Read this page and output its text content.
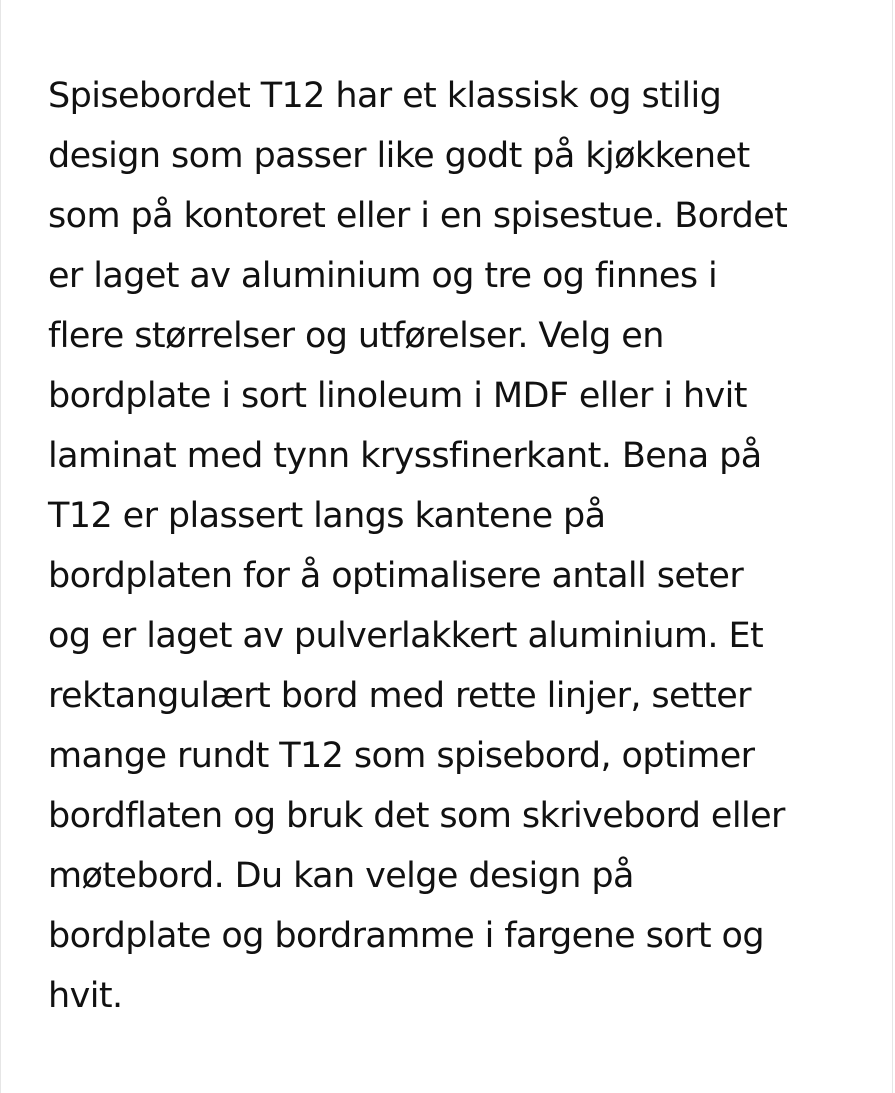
Spisebordet T12 har et klassisk og stilig
design som passer like godt på kjøkkenet
som på kontoret eller i en spisestue. Bordet
er laget av aluminium og tre og finnes i
flere størrelser og utførelser. Velg en
bordplate i sort linoleum i MDF eller i hvit
laminat med tynn kryssfinerkant. Bena på
T12 er plassert langs kantene på
bordplaten for å optimalisere antall seter
og er laget av pulverlakkert aluminium. Et
rektangulært bord med rette linjer, setter
mange rundt T12 som spisebord, optimer
bordflaten og bruk det som skrivebord eller
møtebord. Du kan velge design på
bordplate og bordramme i fargene sort og
hvit.
